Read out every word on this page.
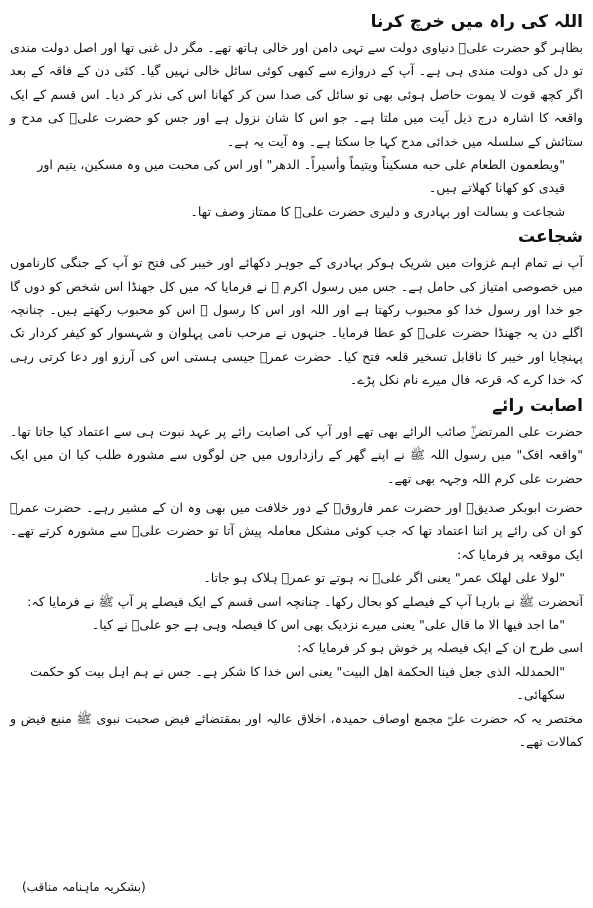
اللہ کی راہ میں خرچ کرنا

بظاہر گو حضرت علیؓ دنیاوی دولت سے تہی دامن اور خالی ہاتھ تھے۔ مگر دل غنی تھا اور اصل دولت مندی تو دل کی دولت مندی ہی ہے۔ آپ کے دروازے سے کبھی کوئی سائل خالی نہیں گیا۔ کئی دن کے فاقہ کے بعد اگر کچھ قوت لا یموت حاصل ہوئی بھی تو سائل کی صدا سن کر کھانا اس کی نذر کر دیا۔ اس قسم کے ایک واقعہ کا اشارہ درج ذیل آیت میں ملتا ہے۔ جو اس کا شان نزول ہے اور جس کو حضرت علیؓ کی مدح و ستائش کے سلسلہ میں خدائی مدح کہا جا سکتا ہے۔ وہ آیت یہ ہے۔

"ویطعمون الطعام علی حبه مسکیناً ویتیماً وأسیراً۔ الدھر" اور اس کی محبت میں وہ مسکین، یتیم اور قیدی کو کھانا کھلاتے ہیں۔

شجاعت و بسالت اور بہادری و دلیری حضرت علیؓ کا ممتاز وصف تھا۔

شجاعت

آپ نے تمام اہم غزوات میں شریک ہوکر بہادری کے جوہر دکھائے اور خیبر کی فتح تو آپ کے جنگی کارناموں میں خصوصی امتیاز کی حامل ہے۔ جس میں رسول اکرم ﷺ نے فرمایا کہ میں کل جھنڈا اس شخص کو دوں گا جو خدا اور رسول خدا کو محبوب رکھتا ہے اور اللہ اور اس کا رسول ﷺ اس کو محبوب رکھتے ہیں۔ چنانچہ اگلے دن یہ جھنڈا حضرت علیؓ کو عطا فرمایا۔ جنہوں نے مرحب نامی پہلوان و شہسوار کو کیفر کردار تک پہنچایا اور خیبر کا ناقابل تسخیر قلعہ فتح کیا۔ حضرت عمرؓ جیسی ہستی اس کی آرزو اور دعا کرتی رہی کہ خدا کرے کہ قرعہ فال میرے نام نکل پڑے۔

اصابت رائے

حضرت علی المرتضیٰؓ صائب الرائے بھی تھے اور آپ کی اصابت رائے پر عہد نبوت ہی سے اعتماد کیا جاتا تھا۔ "واقعہ افک" میں رسول اللہ ﷺ نے اپنے گھر کے رازداروں میں جن لوگوں سے مشورہ طلب کیا ان میں ایک حضرت علی کرم اللہ وجہہ بھی تھے۔

حضرت ابوبکر صدیقؓ اور حضرت عمر فاروقؓ کے دور خلافت میں بھی وہ ان کے مشیر رہے۔ حضرت عمرؓ کو ان کی رائے پر اتنا اعتماد تھا کہ جب کوئی مشکل معاملہ پیش آتا تو حضرت علیؓ سے مشورہ کرتے تھے۔ ایک موقعہ پر فرمایا کہ:

"لولا علی لھلک عمر" یعنی اگر علیؓ نہ ہوتے تو عمرؓ ہلاک ہو جاتا۔

آنحضرت ﷺ نے بارہا آپ کے فیصلے کو بحال رکھا۔ چنانچہ اسی قسم کے ایک فیصلے پر آپ ﷺ نے فرمایا کہ:

"ما اجد فیھا الا ما قال علی" یعنی میرے نزدیک بھی اس کا فیصلہ وہی ہے جو علیؓ نے کیا۔

اسی طرح ان کے ایک فیصلہ پر خوش ہو کر فرمایا کہ:

"الحمدللہ الذی جعل فینا الحکمة اھل البیت" یعنی اس خدا کا شکر ہے۔ جس نے ہم اہل بیت کو حکمت سکھائی۔

مختصر یہ کہ حضرت علیؓ مجمع اوصاف حمیدہ، اخلاق عالیہ اور بمقتضائے فیض صحبت نبوی ﷺ منبع فیض و کمالات تھے۔

(بشکریہ ماہنامہ مناقب)
